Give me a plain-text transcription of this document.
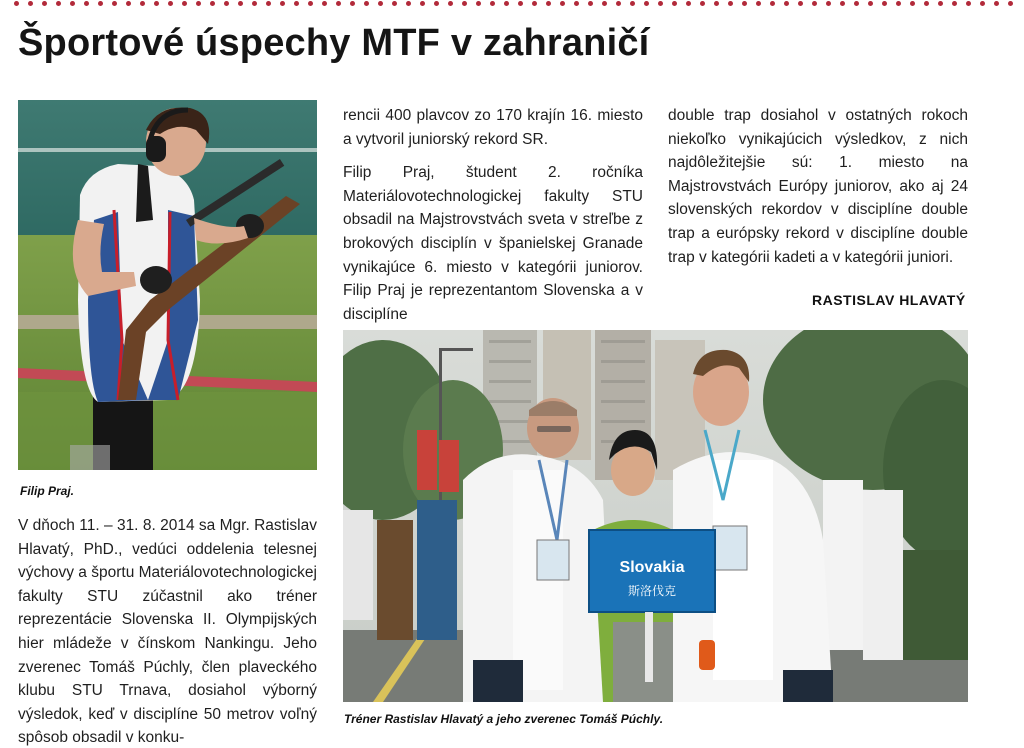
Športové úspechy MTF v zahraničí
Filip Praj.

V dňoch 11. – 31. 8. 2014 sa Mgr. Rastislav Hlavatý, PhD., vedúci oddelenia telesnej výchovy a športu Materiálovotechnologickej fakulty STU zúčastnil ako tréner reprezentácie Slovenska II. Olympijských hier mládeže v čínskom Nankingu. Jeho zverenec Tomáš Púchly, člen plaveckého klubu STU Trnava, dosiahol výborný výsledok, keď v disciplíne 50 metrov voľný spôsob obsadil v konku-

rencii 400 plavcov zo 170 krajín 16. miesto a vytvoril juniorský rekord SR.

Filip Praj, študent 2. ročníka Materiálovotechnologickej fakulty STU obsadil na Majstrovstvách sveta v streľbe z brokových disciplín v španielskej Granade vynikajúce 6. miesto v kategórii juniorov. Filip Praj je reprezentantom Slovenska a v disciplíne

double trap dosiahol v ostatných rokoch niekoľko vynikajúcich výsledkov, z nich najdôležitejšie sú: 1. miesto na Majstrovstvách Európy juniorov, ako aj 24 slovenských rekordov v disciplíne double trap a európsky rekord v disciplíne double trap v kategórii kadeti a v kategórii juniori.

RASTISLAV HLAVATÝ
Slovakia
斯洛伐克
Tréner Rastislav Hlavatý a jeho zverenec Tomáš Púchly.
